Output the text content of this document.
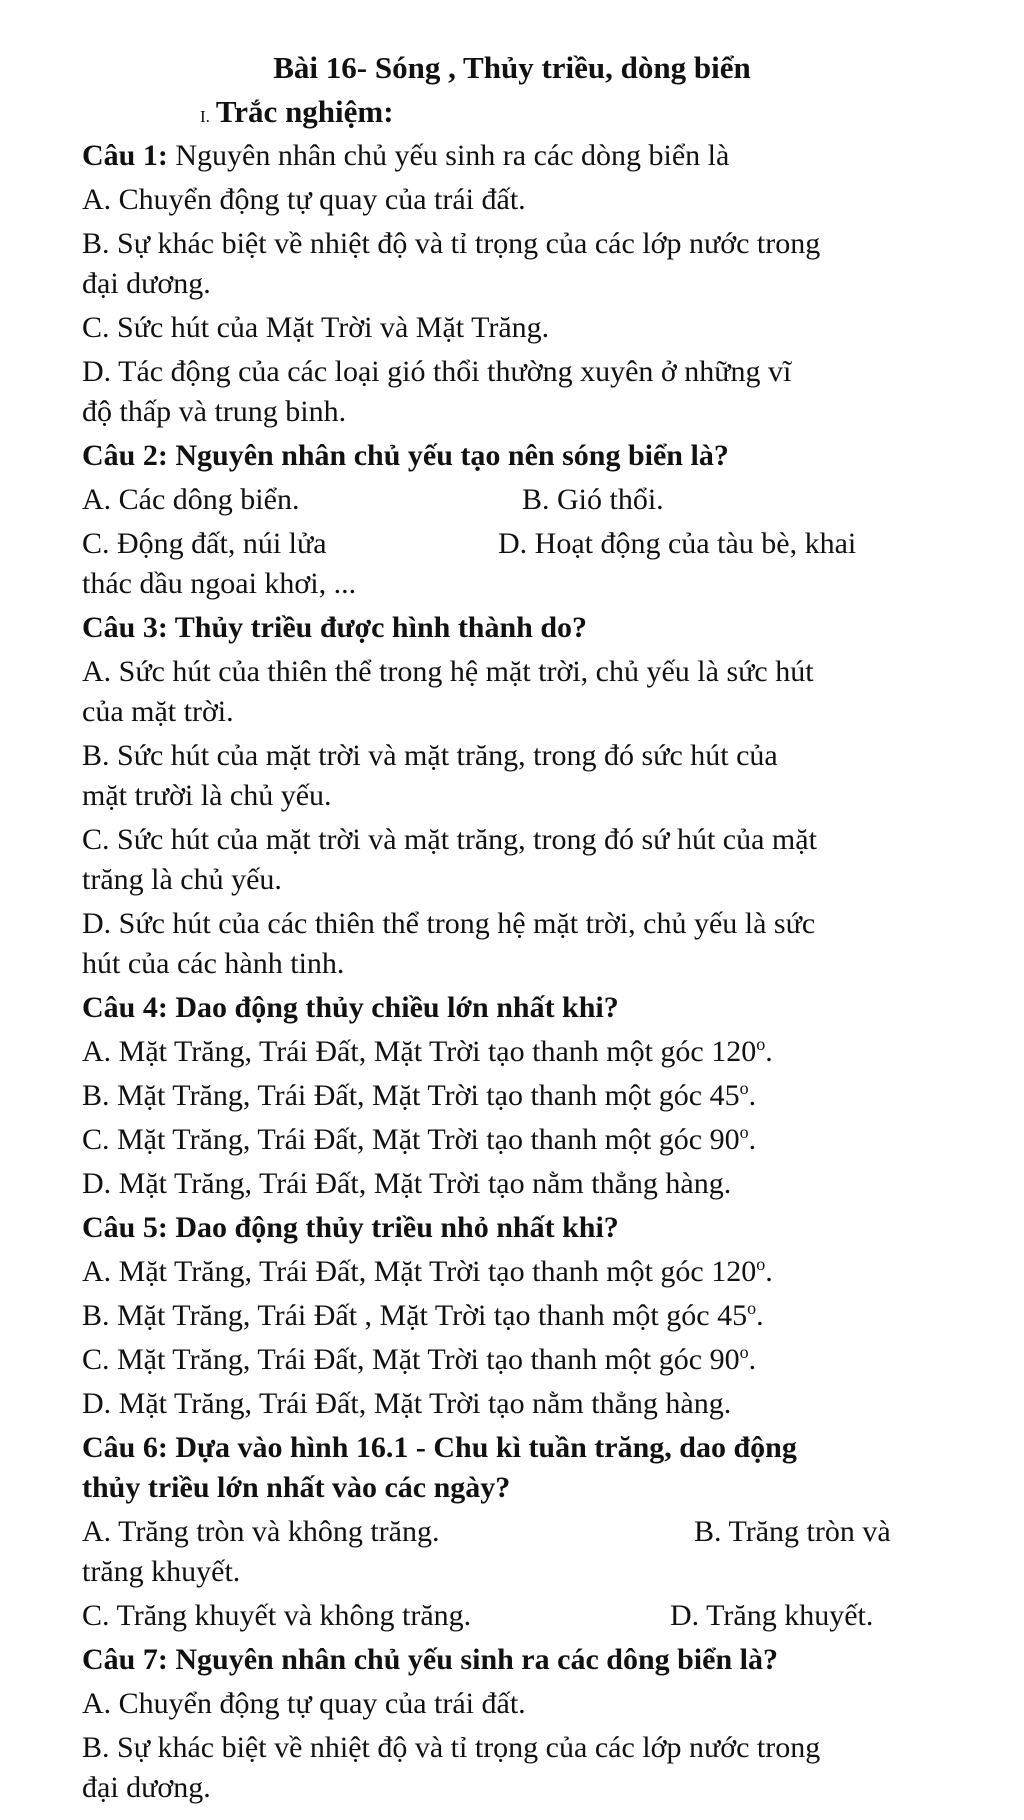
Bài 16- Sóng , Thủy triều, dòng biển
I. Trắc nghiệm:
Câu 1: Nguyên nhân chủ yếu sinh ra các dòng biển là
A. Chuyển động tự quay của trái đất.
B. Sự khác biệt về nhiệt độ và tỉ trọng của các lớp nước trong
đại dương.
C. Sức hút của Mặt Trời và Mặt Trăng.
D. Tác động của các loại gió thổi thường xuyên ở những vĩ
độ thấp và trung binh.
Câu 2: Nguyên nhân chủ yếu tạo nên sóng biển là?
A. Các dông biển.	B. Gió thổi.
C. Động đất, núi lửa	D. Hoạt động của tàu bè, khai
thác dầu ngoai khơi, ...
Câu 3: Thủy triều được hình thành do?
A. Sức hút của thiên thể trong hệ mặt trời, chủ yếu là sức hút
của mặt trời.
B. Sức hút của mặt trời và mặt trăng, trong đó sức hút của
mặt trười là chủ yếu.
C. Sức hút của mặt trời và mặt trăng, trong đó sứ hút của mặt
trăng là chủ yếu.
D. Sức hút của các thiên thể trong hệ mặt trời, chủ yếu là sức
hút của các hành tinh.
Câu 4: Dao động thủy chiều lớn nhất khi?
A. Mặt Trăng, Trái Đất, Mặt Trời tạo thanh một góc 120$^o$.
B. Mặt Trăng, Trái Đất, Mặt Trời tạo thanh một góc 45$^o$.
C. Mặt Trăng, Trái Đất, Mặt Trời tạo thanh một góc 90$^o$.
D. Mặt Trăng, Trái Đất, Mặt Trời tạo nằm thẳng hàng.
Câu 5: Dao động thủy triều nhỏ nhất khi?
A. Mặt Trăng, Trái Đất, Mặt Trời tạo thanh một góc 120$^o$.
B. Mặt Trăng, Trái Đất , Mặt Trời tạo thanh một góc 45$^o$.
C. Mặt Trăng, Trái Đất, Mặt Trời tạo thanh một góc 90$^o$.
D. Mặt Trăng, Trái Đất, Mặt Trời tạo nằm thẳng hàng.
Câu 6: Dựa vào hình 16.1 - Chu kì tuần trăng, dao động
thủy triều lớn nhất vào các ngày?
A. Trăng tròn và không trăng.	B. Trăng tròn và
trăng khuyết.
C. Trăng khuyết và không trăng.	D. Trăng khuyết.
Câu 7: Nguyên nhân chủ yếu sinh ra các dông biển là?
A. Chuyển động tự quay của trái đất.
B. Sự khác biệt về nhiệt độ và tỉ trọng của các lớp nước trong
đại dương.
